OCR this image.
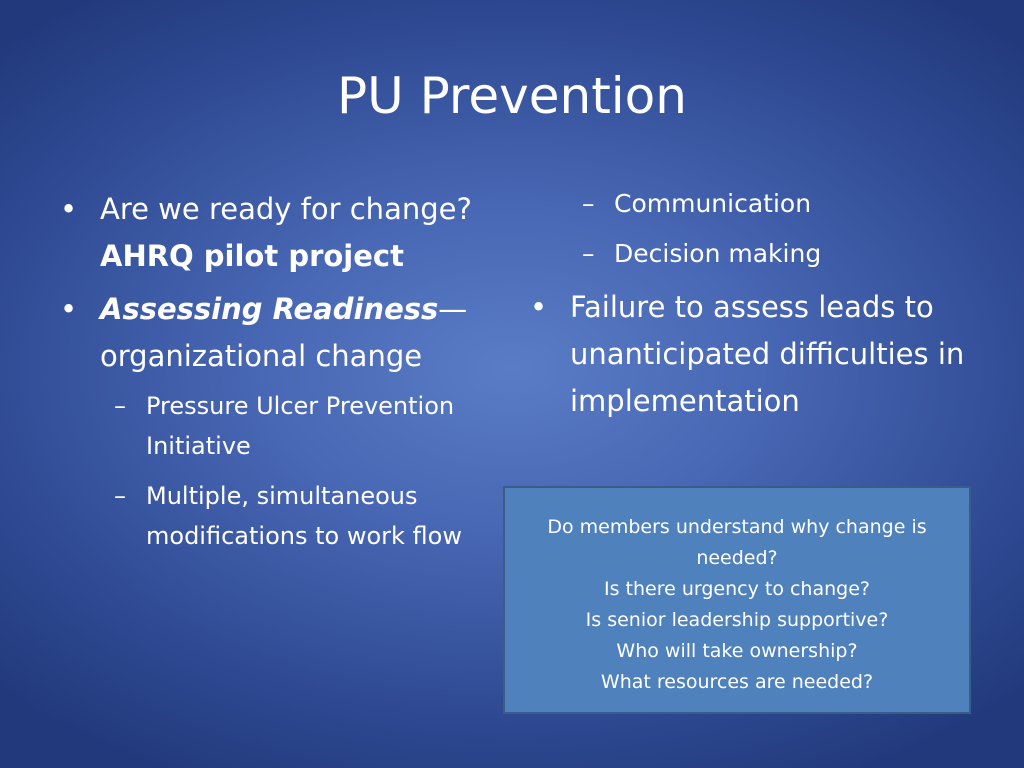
PU Prevention
• Are we ready for change? AHRQ pilot project
• Assessing Readiness—organizational change
– Pressure Ulcer Prevention Initiative
– Multiple, simultaneous modifications to work flow
– Communication
– Decision making
• Failure to assess leads to unanticipated difficulties in implementation
Do members understand why change is needed?
Is there urgency to change?
Is senior leadership supportive?
Who will take ownership?
What resources are needed?
